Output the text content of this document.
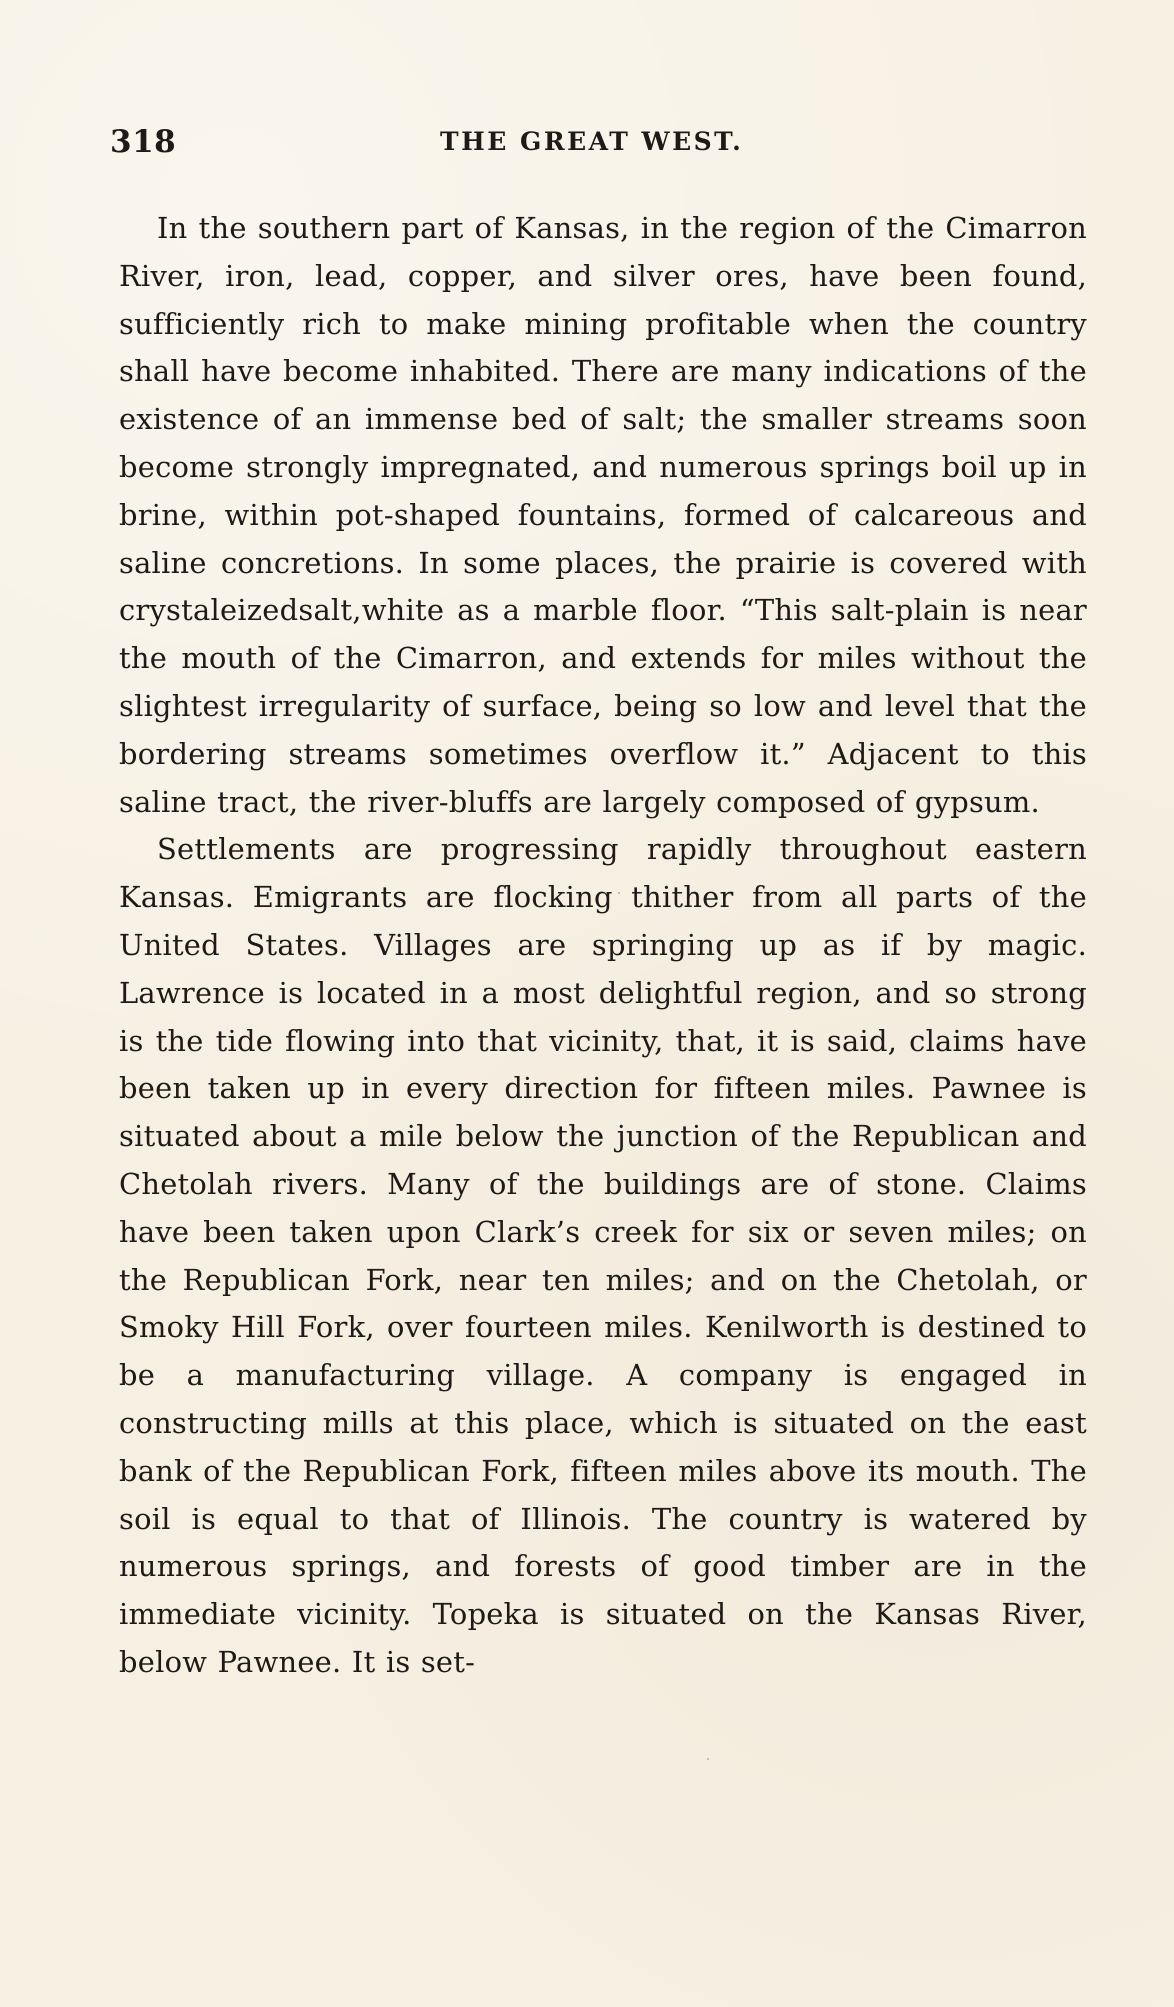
318	THE GREAT WEST.

In the southern part of Kansas, in the region of the Cimarron River, iron, lead, copper, and silver ores, have been found, sufficiently rich to make mining profitable when the country shall have become inhabited. There are many indications of the existence of an immense bed of salt; the smaller streams soon become strongly impregnated, and numerous springs boil up in brine, within pot-shaped fountains, formed of calcareous and saline concretions. In some places, the prairie is covered with crystaleizedsalt,white as a marble floor. “This salt-plain is near the mouth of the Cimarron, and extends for miles without the slightest irregularity of surface, being so low and level that the bordering streams sometimes overflow it.” Adjacent to this saline tract, the river-bluffs are largely composed of gypsum.

Settlements are progressing rapidly throughout eastern Kansas. Emigrants are flocking thither from all parts of the United States. Villages are springing up as if by magic. Lawrence is located in a most delightful region, and so strong is the tide flowing into that vicinity, that, it is said, claims have been taken up in every direction for fifteen miles. Pawnee is situated about a mile below the junction of the Republican and Chetolah rivers. Many of the buildings are of stone. Claims have been taken upon Clark’s creek for six or seven miles; on the Republican Fork, near ten miles; and on the Chetolah, or Smoky Hill Fork, over fourteen miles. Kenilworth is destined to be a manufacturing village. A company is engaged in constructing mills at this place, which is situated on the east bank of the Republican Fork, fifteen miles above its mouth. The soil is equal to that of Illinois. The country is watered by numerous springs, and forests of good timber are in the immediate vicinity. Topeka is situated on the Kansas River, below Pawnee. It is set-
